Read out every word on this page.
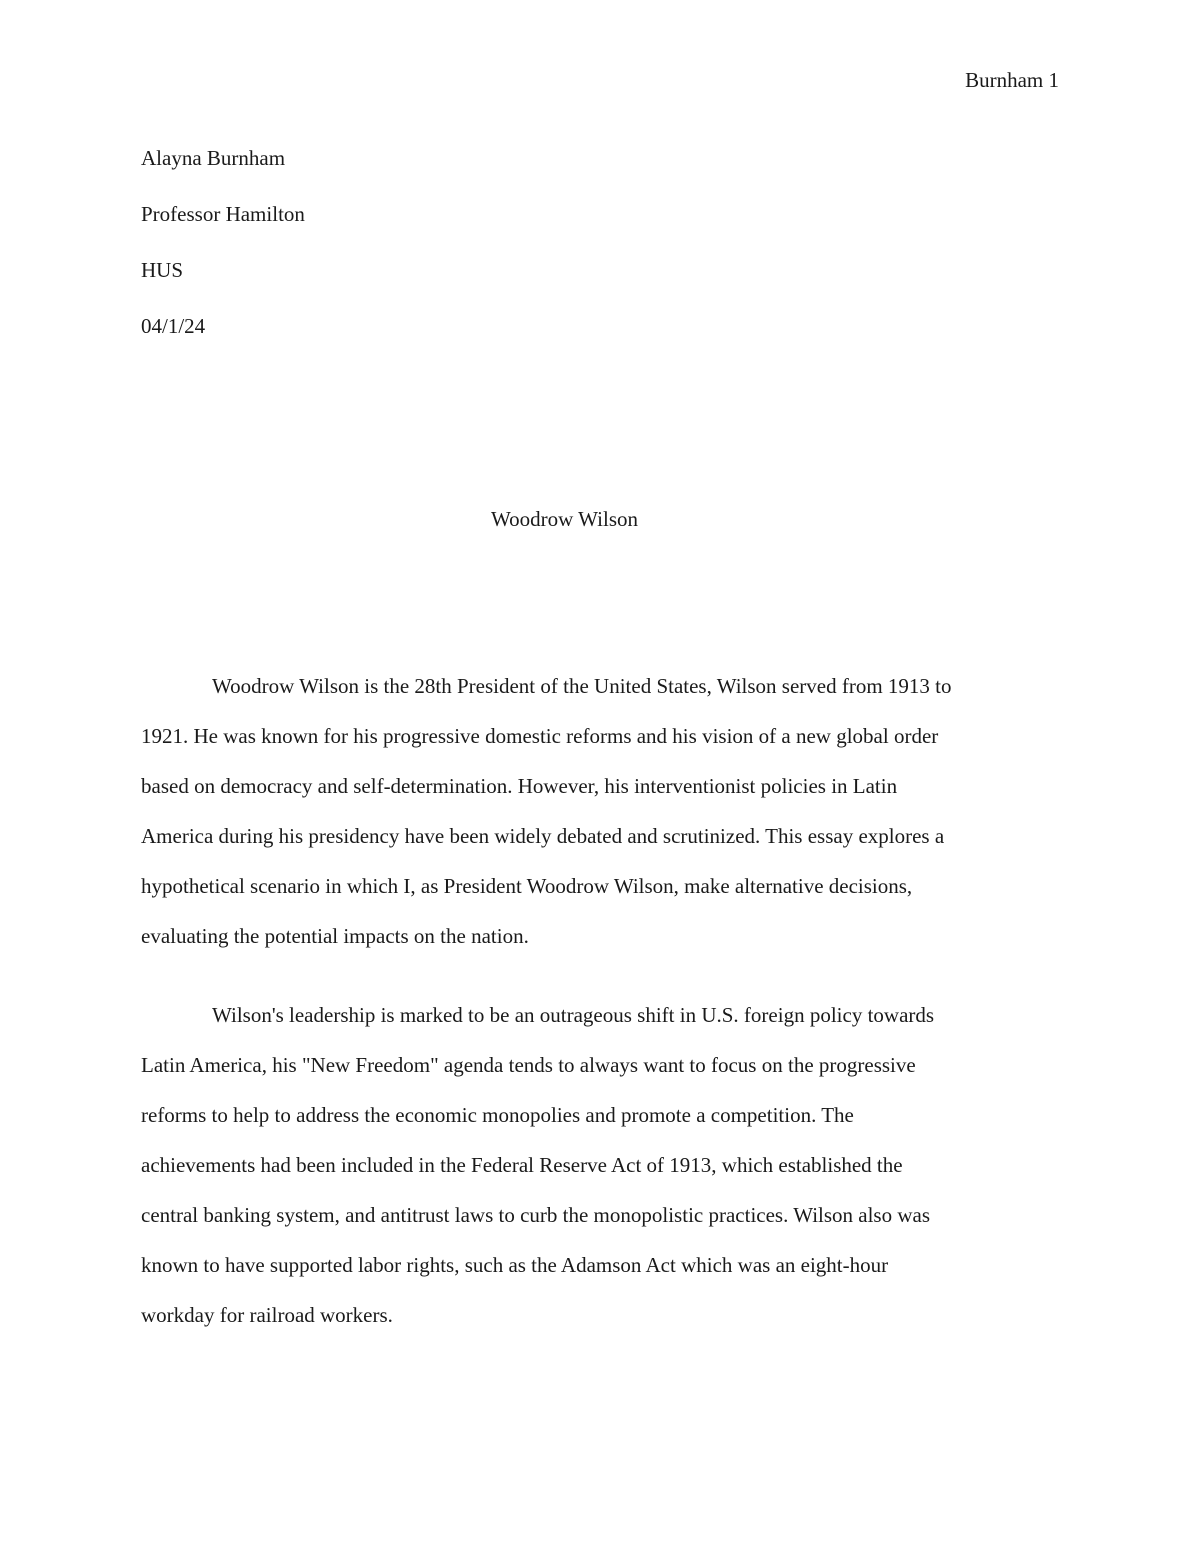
Burnham 1
Alayna Burnham
Professor Hamilton
HUS
04/1/24
Woodrow Wilson
Woodrow Wilson is the 28th President of the United States, Wilson served from 1913 to
1921. He was known for his progressive domestic reforms and his vision of a new global order
based on democracy and self-determination. However, his interventionist policies in Latin
America during his presidency have been widely debated and scrutinized. This essay explores a
hypothetical scenario in which I, as President Woodrow Wilson, make alternative decisions,
evaluating the potential impacts on the nation.
Wilson's leadership is marked to be an outrageous shift in U.S. foreign policy towards
Latin America, his "New Freedom" agenda tends to always want to focus on the progressive
reforms to help to address the economic monopolies and promote a competition. The
achievements had been included in the Federal Reserve Act of 1913, which established the
central banking system, and antitrust laws to curb the monopolistic practices. Wilson also was
known to have supported labor rights, such as the Adamson Act which was an eight-hour
workday for railroad workers.
